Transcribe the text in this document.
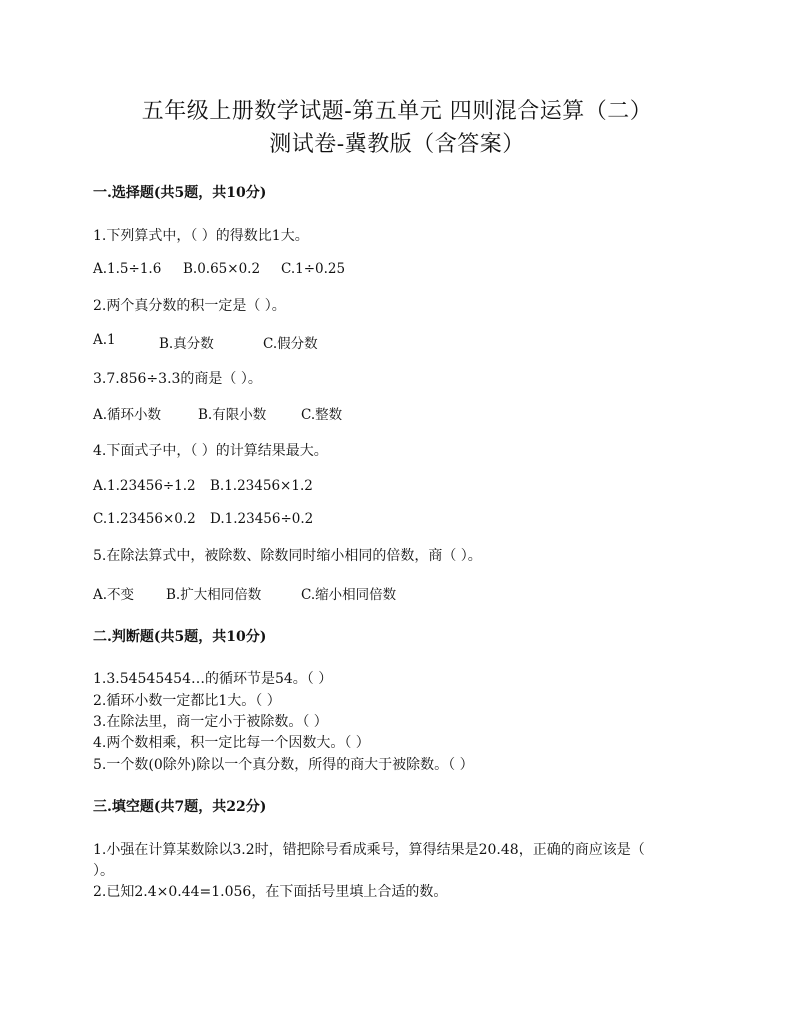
五年级上册数学试题-第五单元 四则混合运算（二）
测试卷-冀教版（含答案）
一.选择题(共5题，共10分)
1.下列算式中，（ ）的得数比1大。
A.1.5÷1.6 B.0.65×0.2 C.1÷0.25
2.两个真分数的积一定是（ ）。
A.1	B.真分数	C.假分数
3.7.856÷3.3的商是（ ）。
A.循环小数	B.有限小数	C.整数
4.下面式子中，（ ）的计算结果最大。
A.1.23456÷1.2 B.1.23456×1.2
C.1.23456×0.2 D.1.23456÷0.2
5.在除法算式中，被除数、除数同时缩小相同的倍数，商（ ）。
A.不变 B.扩大相同倍数	C.缩小相同倍数
二.判断题(共5题，共10分)
1.3.54545454…的循环节是54。（ ）
2.循环小数一定都比1大。（ ）
3.在除法里，商一定小于被除数。（ ）
4.两个数相乘，积一定比每一个因数大。（ ）
5.一个数(0除外)除以一个真分数，所得的商大于被除数。（ ）
三.填空题(共7题，共22分)
1.小强在计算某数除以3.2时，错把除号看成乘号，算得结果是20.48，正确的商应该是（
）。
2.已知2.4×0.44=1.056，在下面括号里填上合适的数。
